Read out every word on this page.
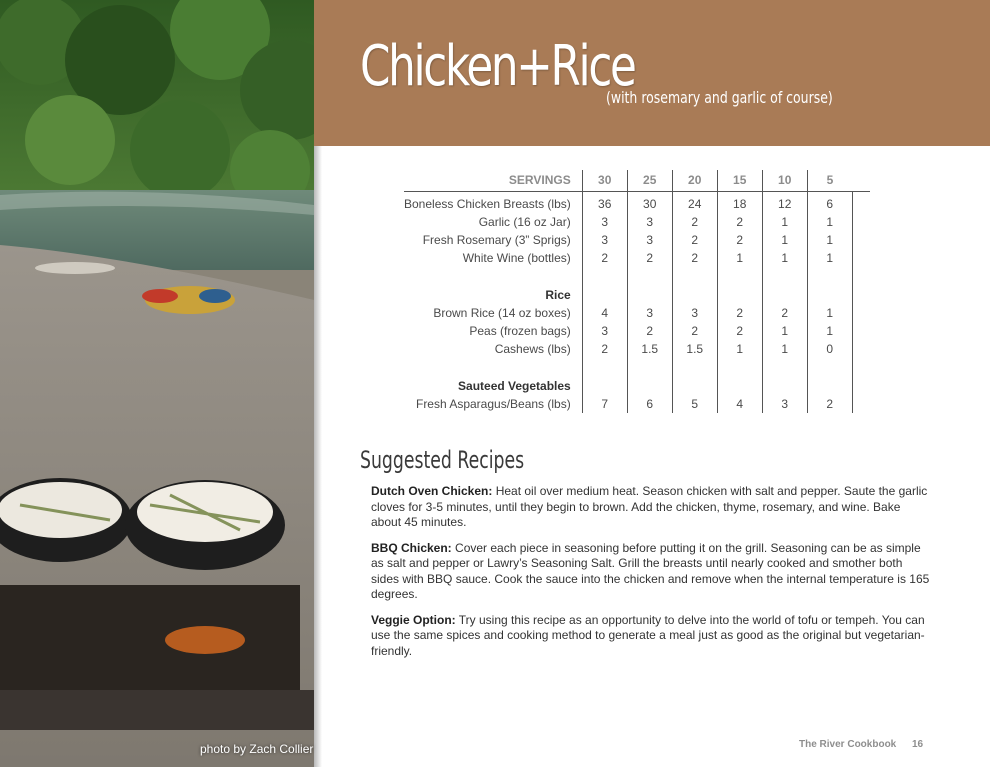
photo by Zach Collier
Chicken+Rice
(with rosemary and garlic of course)
SERVINGS	30	25	20	15	10	5	
Boneless Chicken Breasts (lbs)	36	30	24	18	12	6	
Garlic (16 oz Jar)	3	3	2	2	1	1	
Fresh Rosemary (3” Sprigs)	3	3	2	2	1	1	
White Wine (bottles)	2	2	2	1	1	1	

Rice							
Brown Rice (14 oz boxes)	4	3	3	2	2	1	
Peas (frozen bags)	3	2	2	2	1	1	
Cashews (lbs)	2	1.5	1.5	1	1	0	

Sauteed Vegetables							
Fresh Asparagus/Beans (lbs)	7	6	5	4	3	2	
Suggested Recipes

Dutch Oven Chicken: Heat oil over medium heat. Season chicken with salt and pepper. Saute the garlic cloves for 3-5 minutes, until they begin to brown. Add the chicken, thyme, rosemary, and wine. Bake about 45 minutes.

BBQ Chicken: Cover each piece in seasoning before putting it on the grill. Seasoning can be as simple as salt and pepper or Lawry’s Seasoning Salt. Grill the breasts until nearly cooked and smother both sides with BBQ sauce. Cook the sauce into the chicken and remove when the internal temperature is 165 degrees.

Veggie Option: Try using this recipe as an opportunity to delve into the world of tofu or tempeh. You can use the same spices and cooking method to generate a meal just as good as the original but vegetarian-friendly.

The River Cookbook 16
